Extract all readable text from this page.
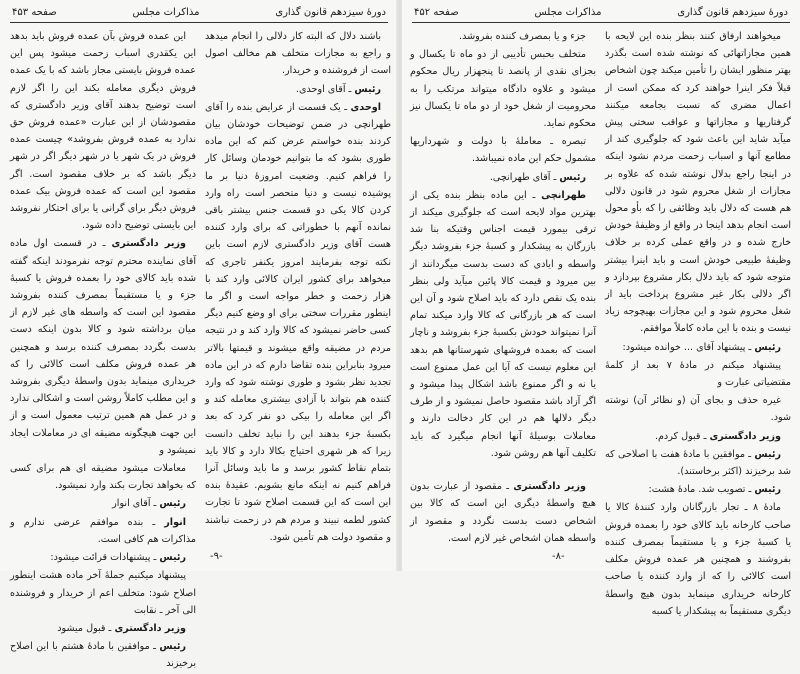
دورهٔ سیزدهم قانون گذاری
مذاکرات مجلس
صفحه ۴۵۳

باشند دلال که البته کار دلالی را انجام میدهد و راجع به مجازات متخلف هم مخالف اصول است از فروشنده و خریدار.

رئیس ـ آقای اوحدی.

اوحدی ـ یک قسمت از عرایض بنده را آقای طهرانچی در ضمن توضیحات خودشان بیان کردند بنده خواستم عرض کنم که این ماده طوری بشود که ما بتوانیم خودمان وسائل کار را فراهم کنیم. وضعیت امروزهٔ دنیا بر ما پوشیده نیست و دنیا متحصر است راه وارد کردن کالا یکی دو قسمت جنس بیشتر باقی نمانده آنهم با خطوراتی که برای وارد کننده هست آقای وزیر دادگستری لازم است باین نکته توجه بفرمایند امروز یکنفر تاجری که میخواهد برای کشور ایران کالائی وارد کند با هزار زحمت و خطر مواجه است و اگر ما اینطور مقررات سختی برای او وضع کنیم دیگر کسی حاضر نمیشود که کالا وارد کند و در نتیجه مردم در مضیقه واقع میشوند و قیمتها بالاتر میرود بنابراین بنده تقاضا دارم که در این ماده تجدید نظر بشود و طوری نوشته شود که وارد کننده هم بتواند با آزادی بیشتری معامله کند و اگر این معامله را بیکی دو نفر کرد که بعد بکسبهٔ جزء بدهند این را نباید تخلف دانست زیرا که هر شهری احتیاج بکالا دارد و کالا باید بتمام نقاط کشور برسد و ما باید وسائل آنرا فراهم کنیم نه اینکه مانع بشویم. عقیدهٔ بنده این است که این قسمت اصلاح شود تا تجارت کشور لطمه نبیند و مردم هم در زحمت نباشند و مقصود دولت هم تأمین شود.

این عمده فروش بآن عمده فروش باید بدهد این یکقدری اسباب زحمت میشود پس این عمده فروش بایستی مجاز باشد که با یک عمده فروش دیگری معامله بکند این را اگر لازم است توضیح بدهند آقای وزیر دادگستری که مقصودشان از این عبارت «عمده فروش حق ندارد به عمده فروش بفروشد» چیست عمده فروش در یک شهر یا در شهر دیگر اگر در شهر دیگر باشد که بر خلاف مقصود است. اگر مقصود این است که عمده فروش بیک عمده فروش دیگر برای گرانی یا برای احتکار نفروشد این بایستی توضیح داده شود.

وزیر دادگستری ـ در قسمت اول ماده آقای نماینده محترم توجه نفرمودند اینکه گفته شده باید کالای خود را بعمده فروش یا کسبهٔ جزء و یا مستقیماً بمصرف کننده بفروشد مقصود این است که واسطه های غیر لازم از میان برداشته شود و کالا بدون اینکه دست بدست بگردد بمصرف کننده برسد و همچنین هر عمده فروش مکلف است کالائی را که خریداری مینماید بدون واسطهٔ دیگری بفروشد و این مطلب کاملاً روشن است و اشکالی ندارد و در عمل هم همین ترتیب معمول است و از این جهت هیچگونه مضیقه ای در معاملات ایجاد نمیشود و

معاملات میشود مضیقه ای هم برای کسی که بخواهد تجارت بکند وارد نمیشود.

رئیس ـ آقای انوار

انوار ـ بنده موافقم عرضی ندارم و مذاکرات هم کافی است.

رئیس ـ پیشنهادات قرائت میشود:

پیشنهاد میکنیم جملهٔ آخر ماده هشت اینطور اصلاح شود: متخلف اعم از خریدار و فروشنده الی آخر ـ نقابت

وزیر دادگستری ـ قبول میشود

رئیس ـ موافقین با مادهٔ هشتم با این اصلاح برخیزند

-۹-
دورهٔ سیزدهم قانون گذاری
مذاکرات مجلس
صفحه ۴۵۲

میخواهند ارفاق کنند بنظر بنده این لایحه با همین مجازاتهائی که نوشته شده است بگذرد بهتر منظور ایشان را تأمین میکند چون اشخاص قبلاً فکر اینرا خواهند کرد که ممکن است از اعمال مضری که نسبت بجامعه میکنند گرفتاریها و مجازاتها و عواقب سختی پیش میآید شاید این باعث شود که جلوگیری کند از مطامع آنها و اسباب زحمت مردم نشود اینکه در اینجا راجع بدلال نوشته شده که علاوه بر مجازات از شغل محروم شود در قانون دلالی هم هست که دلال باید وظائفی را که بأو محول است انجام بدهد اینجا در واقع از وظیفهٔ خودش خارج شده و در واقع عملی کرده بر خلاف وظیفهٔ طبیعی خودش است و باید اینرا بیشتر متوجه شود که باید دلال بکار مشروع بپردازد و اگر دلالی بکار غیر مشروع پرداخت باید از شغل محروم شود و این مجازات بهیچوجه زیاد نیست و بنده با این ماده کاملاً موافقم.

رئیس ـ پیشنهاد آقای ... خوانده میشود:

پیشنهاد میکنم در مادهٔ ۷ بعد از کلمهٔ مقتضیاتی عبارت و

غیره حذف و بجای آن (و نظائر آن) نوشته شود.

وزیر دادگستری ـ قبول کردم.

رئیس ـ موافقین با مادهٔ هفت با اصلاحی که شد برخیزند (اکثر برخاستند).

رئیس ـ تصویب شد. مادهٔ هشت:

مادهٔ ۸ ـ تجار بازرگانان وارد کنندهٔ کالا یا صاحب کارخانه باید کالای خود را بعمده فروش یا کسبهٔ جزء و یا مستقیماً بمصرف کننده بفروشند و همچنین هر عمده فروش مکلف است کالائی را که از وارد کننده یا صاحب کارخانه خریداری مینماید بدون هیچ واسطهٔ دیگری مستقیماً به پیشکدار یا کسبه

جزء و یا بمصرف کننده بفروشد.

متخلف بحبس تأدیبی از دو ماه تا یکسال و بجزای نقدی از پانصد تا پنجهزار ریال محکوم میشود و علاوه دادگاه میتواند مرتکب را به محرومیت از شغل خود از دو ماه تا یکسال نیز محکوم نماید.

تبصره ـ معاملهٔ با دولت و شهرداریها مشمول حکم این ماده نمیباشد.

رئیس ـ آقای طهرانچی.

طهرانچی ـ این ماده بنظر بنده یکی از بهترین مواد لایحه است که جلوگیری میکند از ترقی بیمورد قیمت اجناس وقتیکه بنا شد بازرگان به پیشکدار و کسبهٔ جزء بفروشد دیگر واسطه و ایادی که دست بدست میگردانند از بین میرود و قیمت کالا پائین میآید ولی بنظر بنده یک نقص دارد که باید اصلاح شود و آن این است که هر بازرگانی که کالا وارد میکند تمام آنرا نمیتواند خودش بکسبهٔ جزء بفروشد و ناچار است که بعمده فروشهای شهرستانها هم بدهد این معلوم نیست که آیا این عمل ممنوع است یا نه و اگر ممنوع باشد اشکال پیدا میشود و اگر آزاد باشد مقصود حاصل نمیشود و از طرف دیگر دلالها هم در این کار دخالت دارند و معاملات بوسیلهٔ آنها انجام میگیرد که باید تکلیف آنها هم روشن شود.

وزیر دادگستری ـ مقصود از عبارت بدون هیچ واسطهٔ دیگری این است که کالا بین اشخاص دست بدست نگردد و مقصود از واسطه همان اشخاص غیر لازم است.

-۸-
